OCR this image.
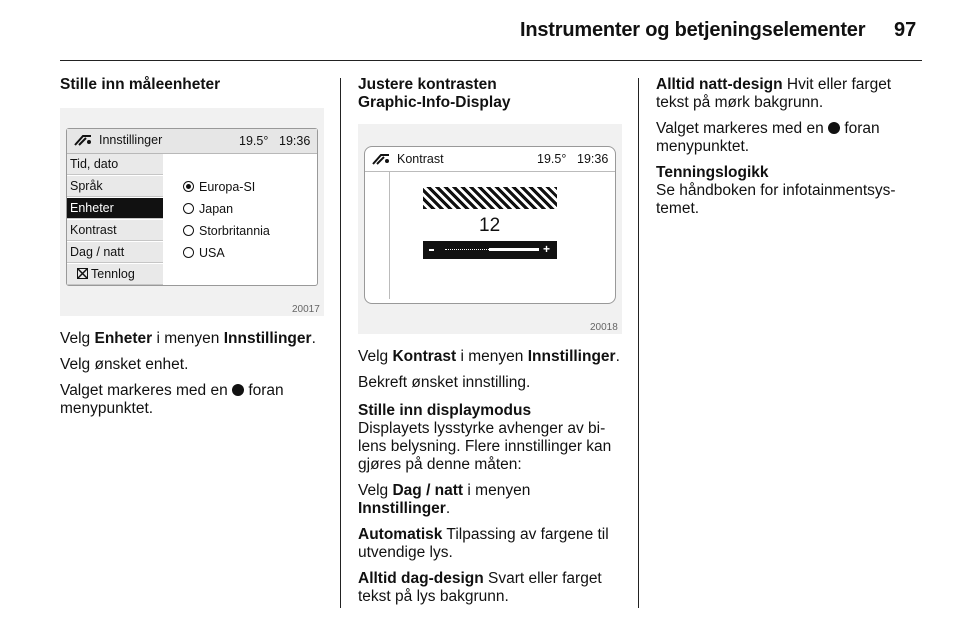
Instrumenter og betjeningselementer 97
Stille inn måleenheter
Innstillinger	19.5° 19:36
Tid, dato
Språk
Enheter
Kontrast
Dag / natt
Tennlog
Europa-SI
Japan
Storbritannia
USA
20017

Velg Enheter i menyen Innstillinger.

Velg ønsket enhet.

Valget markeres med en  foran menypunktet.

Justere kontrasten
Graphic-Info-Display
Kontrast	19.5° 19:36
12
+
20018

Velg Kontrast i menyen Innstillinger.

Bekreft ønsket innstilling.

Stille inn displaymodus

Displayets lysstyrke avhenger av bilens belysning. Flere innstillinger kan gjøres på denne måten:

Velg Dag / natt i menyen
Innstillinger.

Automatisk Tilpassing av fargene til utvendige lys.

Alltid dag-design Svart eller farget tekst på lys bakgrunn.

Alltid natt-design Hvit eller farget tekst på mørk bakgrunn.

Valget markeres med en  foran menypunktet.

Tenningslogikk

Se håndboken for infotainmentsystemet.
